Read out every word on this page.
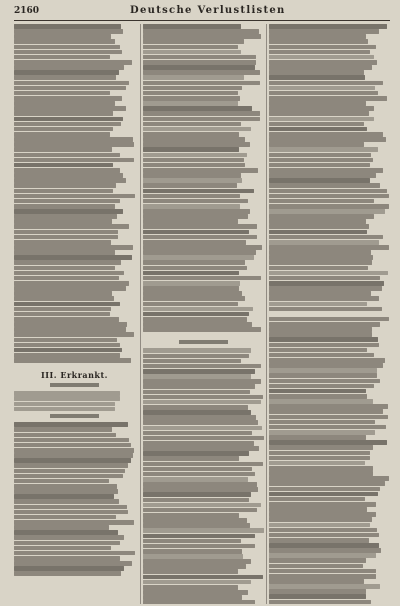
2160	Deutsche Verlustlisten
III. Erkrankt.
